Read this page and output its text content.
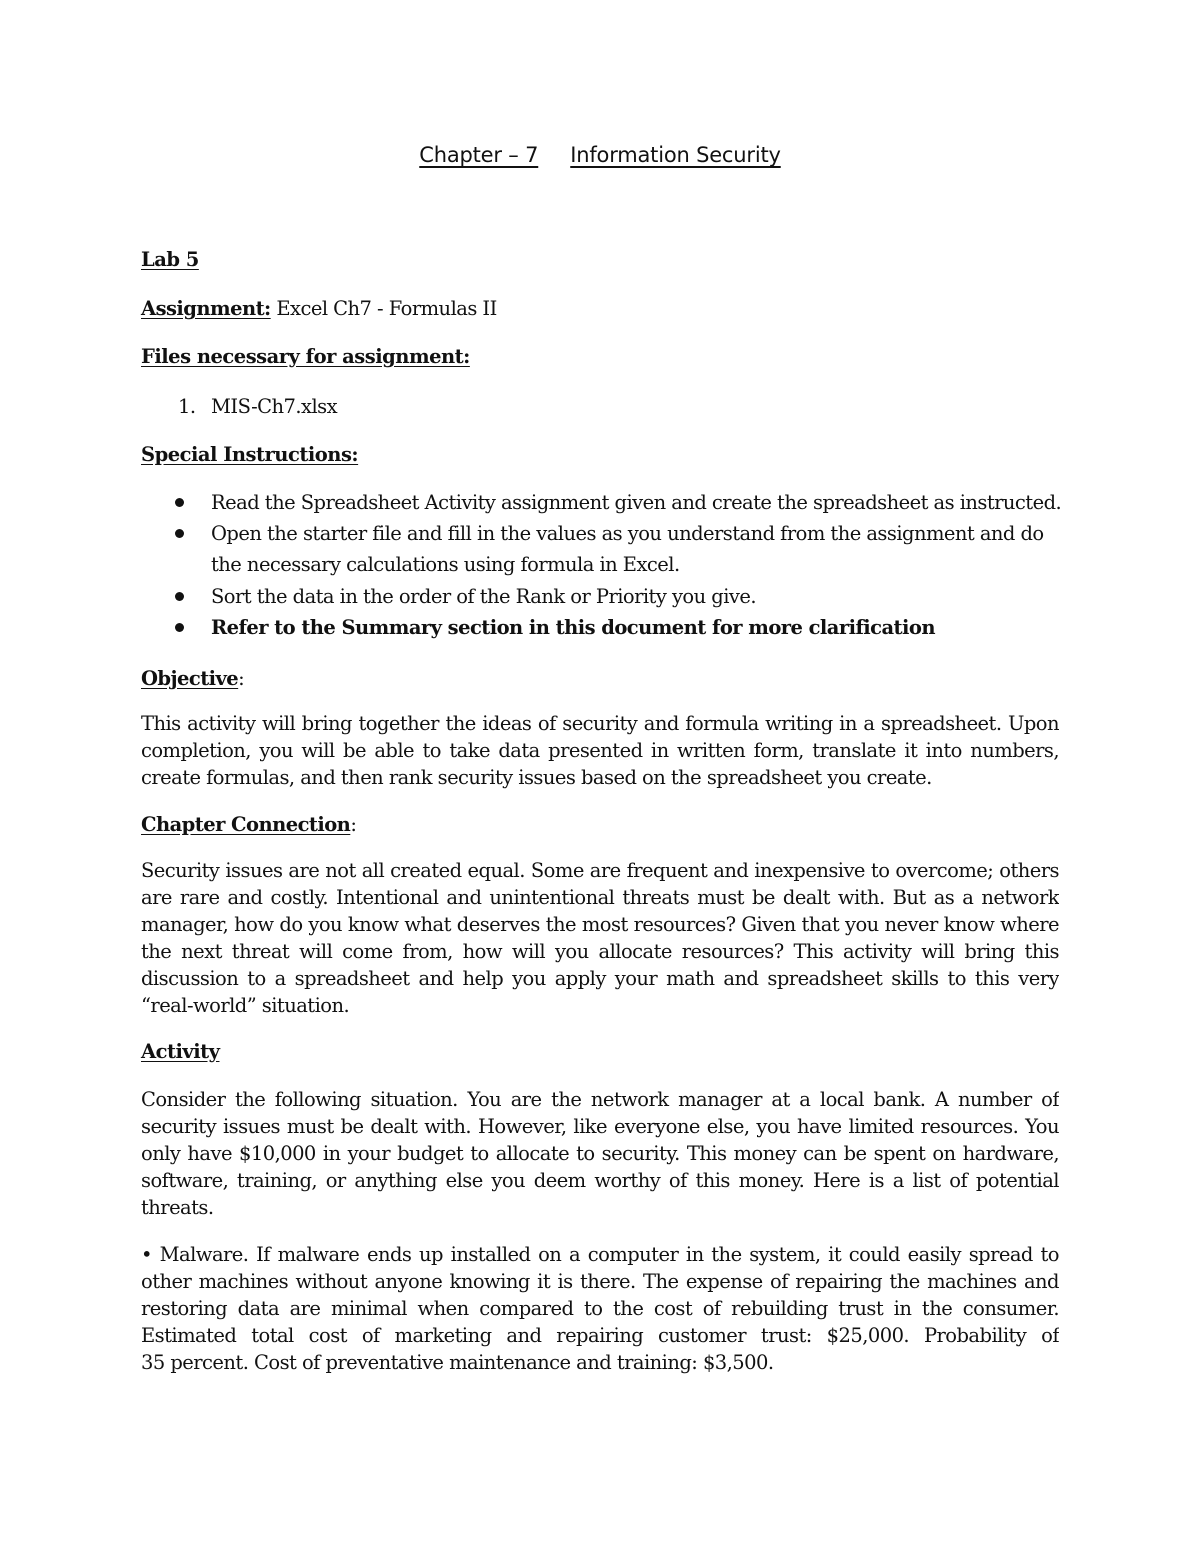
Chapter – 7 Information Security
Lab 5
Assignment: Excel Ch7 - Formulas II
Files necessary for assignment:
1. MIS-Ch7.xlsx
Special Instructions:
Read the Spreadsheet Activity assignment given and create the spreadsheet as instructed.
Open the starter file and fill in the values as you understand from the assignment and do
the necessary calculations using formula in Excel.
Sort the data in the order of the Rank or Priority you give.
Refer to the Summary section in this document for more clarification
Objective:
This activity will bring together the ideas of security and formula writing in a spreadsheet. Upon
completion, you will be able to take data presented in written form, translate it into numbers,
create formulas, and then rank security issues based on the spreadsheet you create.
Chapter Connection:
Security issues are not all created equal. Some are frequent and inexpensive to overcome; others
are rare and costly. Intentional and unintentional threats must be dealt with. But as a network
manager, how do you know what deserves the most resources? Given that you never know where
the next threat will come from, how will you allocate resources? This activity will bring this
discussion to a spreadsheet and help you apply your math and spreadsheet skills to this very
“real-world” situation.
Activity
Consider the following situation. You are the network manager at a local bank. A number of
security issues must be dealt with. However, like everyone else, you have limited resources. You
only have $10,000 in your budget to allocate to security. This money can be spent on hardware,
software, training, or anything else you deem worthy of this money. Here is a list of potential
threats.
• Malware. If malware ends up installed on a computer in the system, it could easily spread to
other machines without anyone knowing it is there. The expense of repairing the machines and
restoring data are minimal when compared to the cost of rebuilding trust in the consumer.
Estimated total cost of marketing and repairing customer trust: $25,000. Probability of
35 percent. Cost of preventative maintenance and training: $3,500.
